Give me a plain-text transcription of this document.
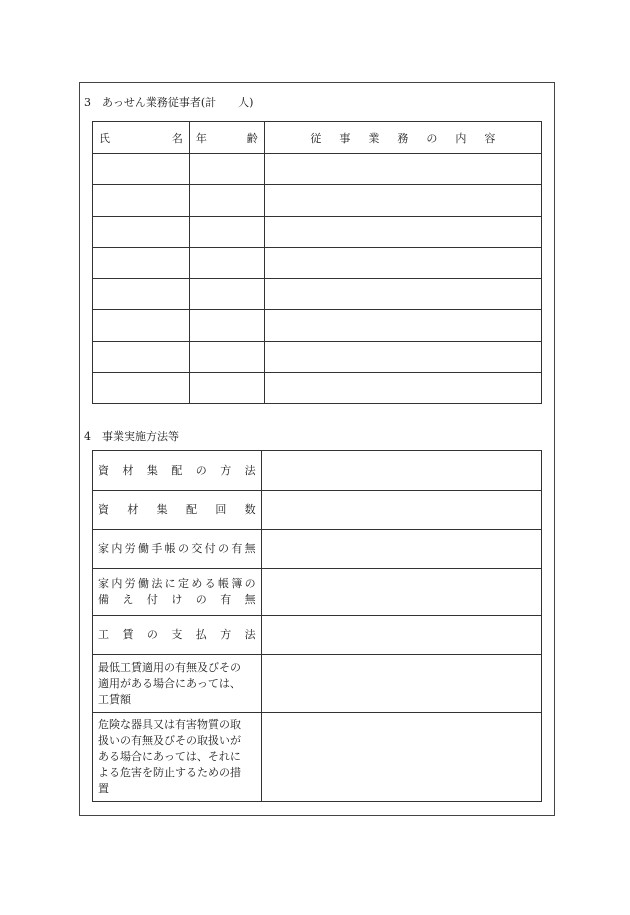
3　あっせん業務従事者(計　　人)
氏 名	年 齢	従事業務の内容

4　事業実施方法等
資材集配の方法	

資　材　集　配　回　数	

家内労働手帳の交付の有無	

家内労働法に定める帳簿の
備え付けの有無	

工賃の支払方法	

最低工賃適用の有無及びその
適用がある場合にあっては、
工賃額	

危険な器具又は有害物質の取
扱いの有無及びその取扱いが
ある場合にあっては、それに
よる危害を防止するための措
置	
